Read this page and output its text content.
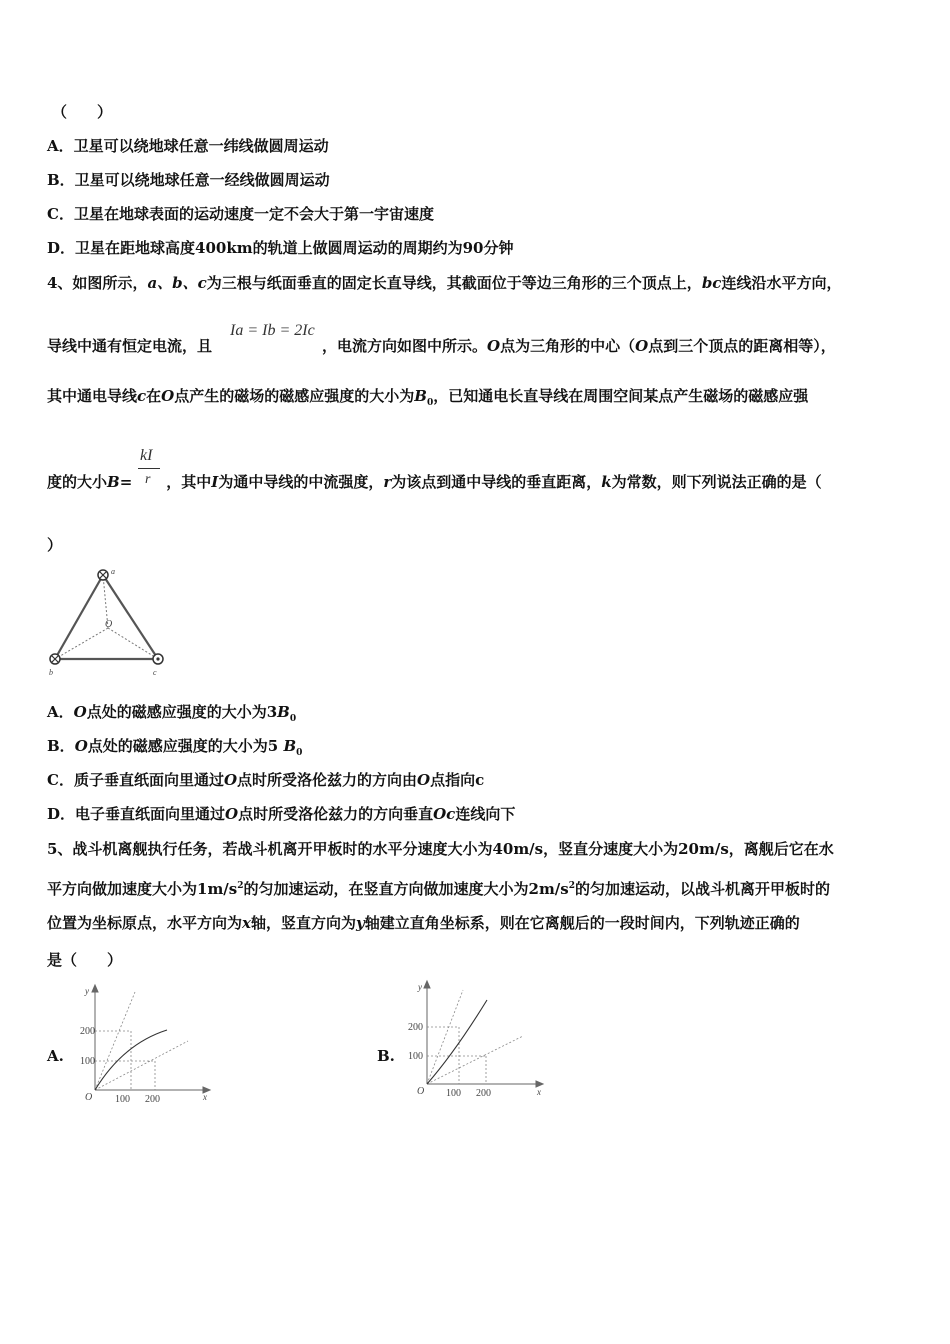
（　　）
A．卫星可以绕地球任意一纬线做圆周运动
B．卫星可以绕地球任意一经线做圆周运动
C．卫星在地球表面的运动速度一定不会大于第一宇宙速度
D．卫星在距地球高度400km的轨道上做圆周运动的周期约为90分钟
4、如图所示，a、b、c为三根与纸面垂直的固定长直导线，其截面位于等边三角形的三个顶点上，bc连线沿水平方向，
导线中通有恒定电流，且	，电流方向如图中所示。O点为三角形的中心（O点到三个顶点的距离相等），
Ia = Ib = 2Ic
其中通电导线c在O点产生的磁场的磁感应强度的大小为$B_0$，已知通电长直导线在周围空间某点产生磁场的磁感应强
度的大小B= ，其中I为通中导线的中流强度，r为该点到通中导线的垂直距离，k为常数，则下列说法正确的是（
kI
r
）
a
b	c
O
A．O点处的磁感应强度的大小为$3B_0$
B．O点处的磁感应强度的大小为5 $B_0$
C．质子垂直纸面向里通过O点时所受洛伦兹力的方向由O点指向c
D．电子垂直纸面向里通过O点时所受洛伦兹力的方向垂直Oc连线向下
5、战斗机离舰执行任务，若战斗机离开甲板时的水平分速度大小为40m/s，竖直分速度大小为20m/s，离舰后它在水
平方向做加速度大小为$1m/s^2$的匀加速运动，在竖直方向做加速度大小为$2m/s^2$的匀加速运动，以战斗机离开甲板时的
位置为坐标原点，水平方向为x轴，竖直方向为y轴建立直角坐标系，则在它离舰后的一段时间内，下列轨迹正确的
是（　　）
A.	B.
200
100
100 200
O
y
x
200
100
100 200
O
y
x
